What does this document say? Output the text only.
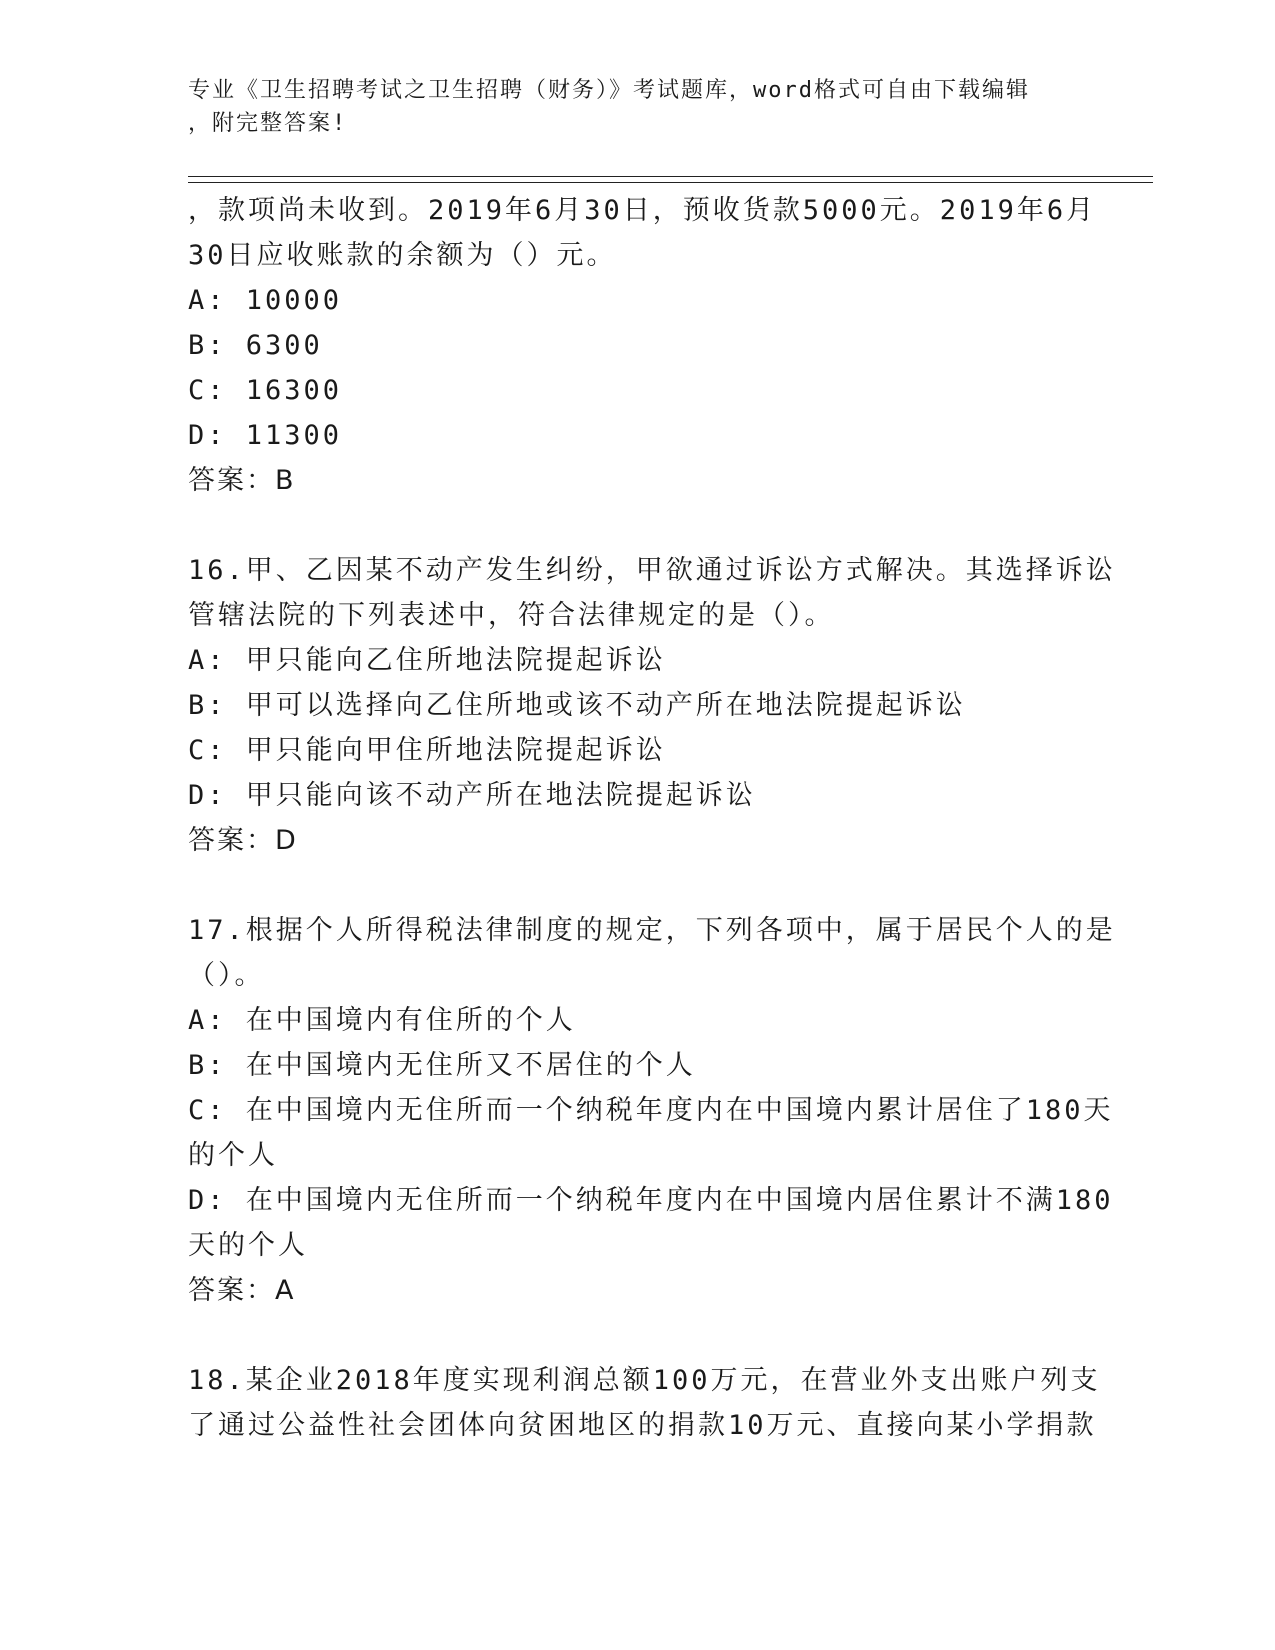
专业《卫生招聘考试之卫生招聘（财务）》考试题库，word格式可自由下载编辑
，附完整答案!
，款项尚未收到。2019年6月30日，预收货款5000元。2019年6月
30日应收账款的余额为（）元。
A: 10000
B: 6300
C: 16300
D: 11300
答案：B
16.甲、乙因某不动产发生纠纷，甲欲通过诉讼方式解决。其选择诉讼
管辖法院的下列表述中，符合法律规定的是（）。
A: 甲只能向乙住所地法院提起诉讼
B: 甲可以选择向乙住所地或该不动产所在地法院提起诉讼
C: 甲只能向甲住所地法院提起诉讼
D: 甲只能向该不动产所在地法院提起诉讼
答案：D
17.根据个人所得税法律制度的规定，下列各项中，属于居民个人的是
（）。
A: 在中国境内有住所的个人
B: 在中国境内无住所又不居住的个人
C: 在中国境内无住所而一个纳税年度内在中国境内累计居住了180天
的个人
D: 在中国境内无住所而一个纳税年度内在中国境内居住累计不满180
天的个人
答案：A
18.某企业2018年度实现利润总额100万元，在营业外支出账户列支
了通过公益性社会团体向贫困地区的捐款10万元、直接向某小学捐款
